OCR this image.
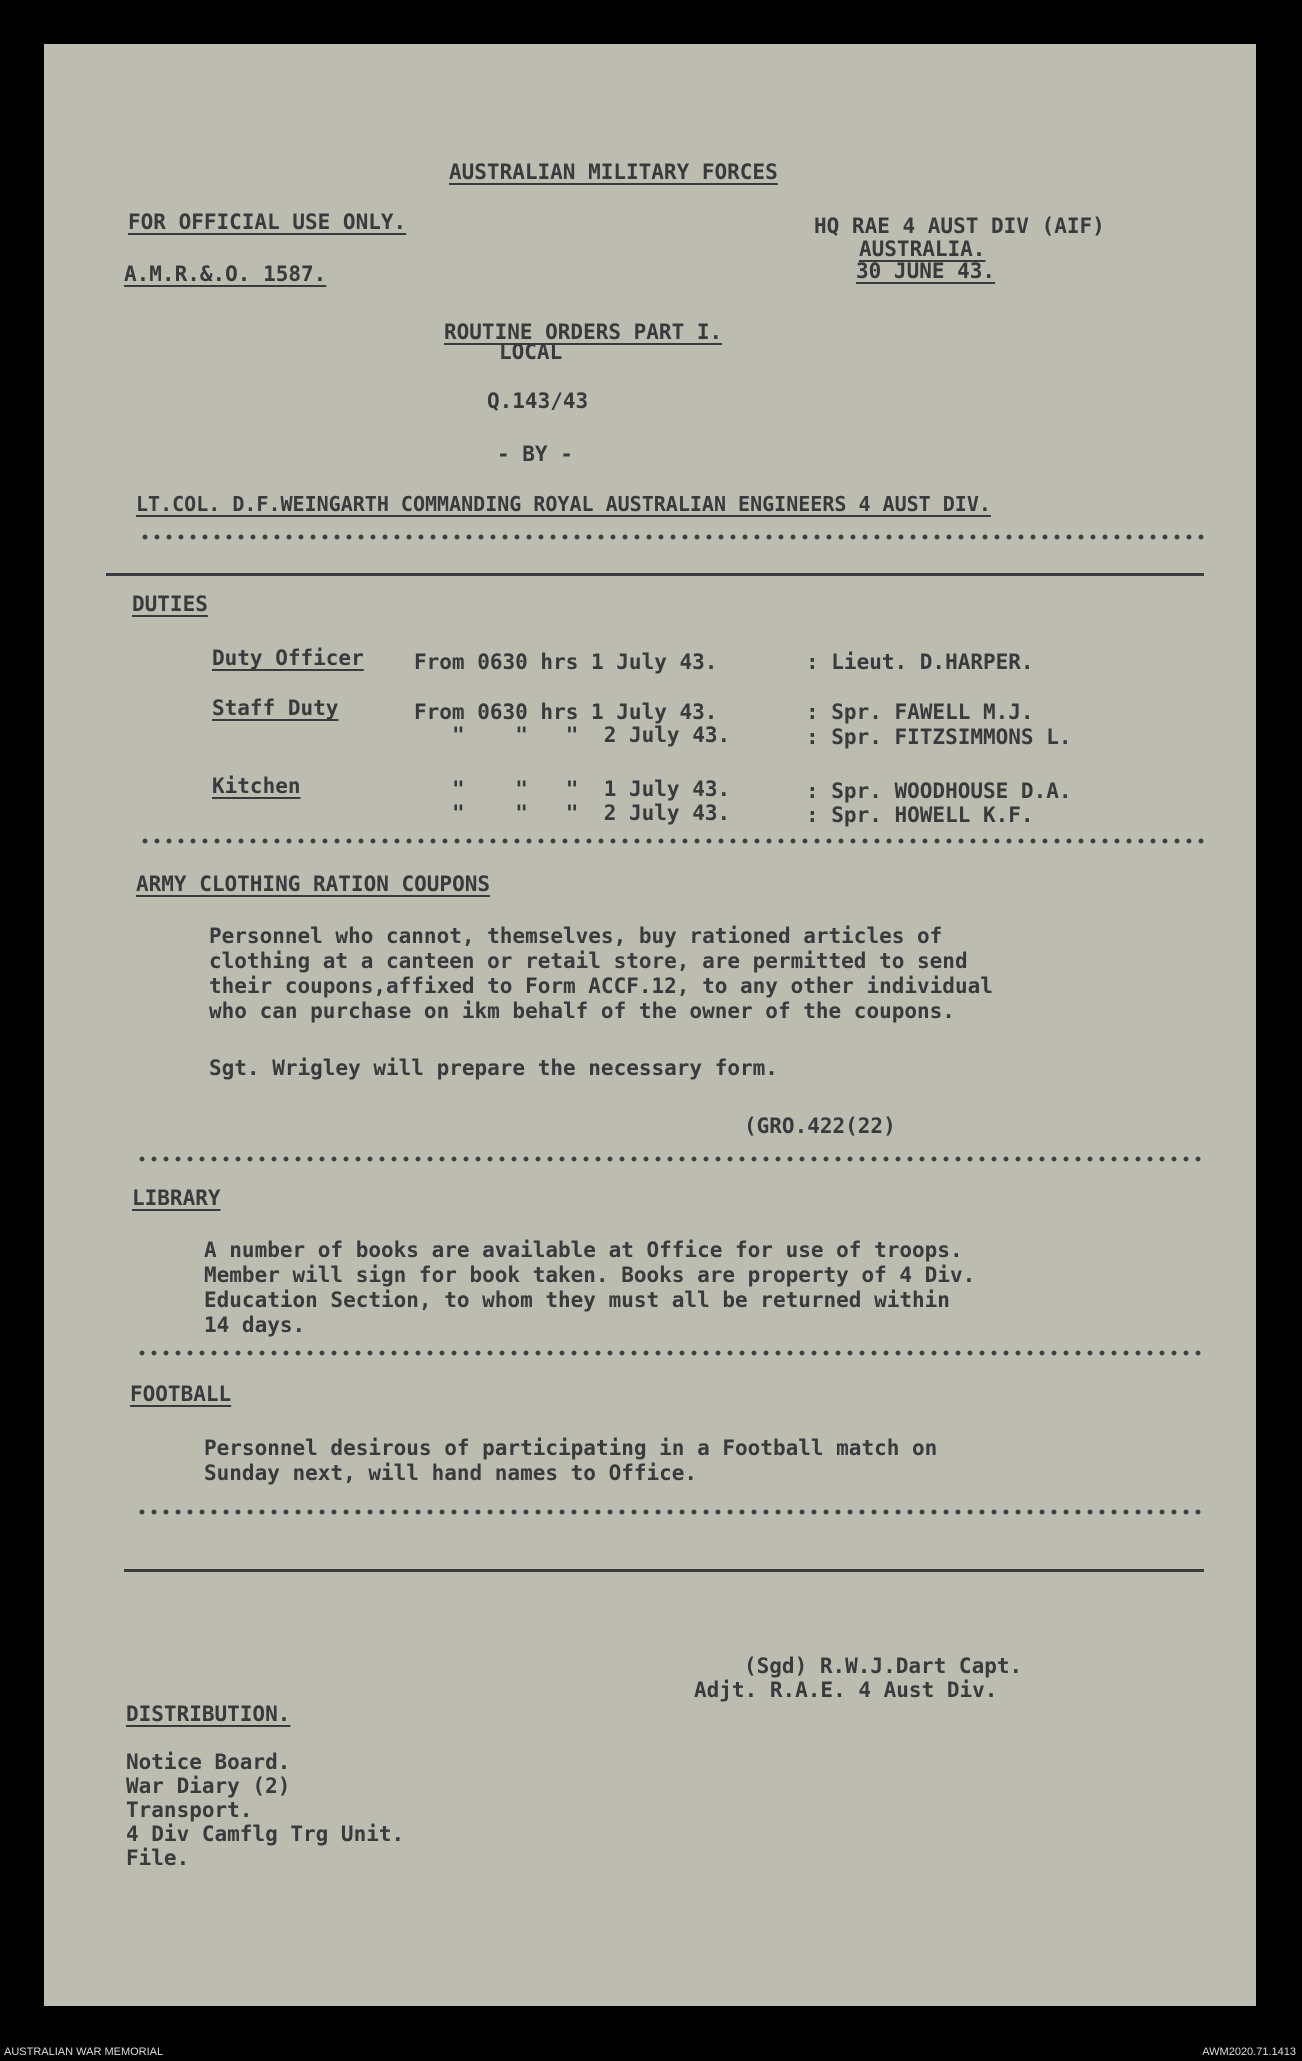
AUSTRALIAN MILITARY FORCES
FOR OFFICIAL USE ONLY.	HQ RAE 4 AUST DIV (AIF)
AUSTRALIA.
A.M.R.&.O. 1587.	30 JUNE 43.
ROUTINE ORDERS PART I.
LOCAL
Q.143/43
- BY -
LT.COL. D.F.WEINGARTH COMMANDING ROYAL AUSTRALIAN ENGINEERS 4 AUST DIV.
DUTIES
Duty Officer From 0630 hrs 1 July 43.	: Lieut. D.HARPER.
Staff Duty	From 0630 hrs 1 July 43.	: Spr. FAWELL M.J.
"    "   "  2 July 43.	: Spr. FITZSIMMONS L.
Kitchen	"    "   "  1 July 43.	: Spr. WOODHOUSE D.A.
"    "   "  2 July 43.	: Spr. HOWELL K.F.
ARMY CLOTHING RATION COUPONS

Personnel who cannot, themselves, buy rationed articles of
clothing at a canteen or retail store, are permitted to send
their coupons,affixed to Form ACCF.12, to any other individual
who can purchase on ikm behalf of the owner of the coupons.

Sgt. Wrigley will prepare the necessary form.
(GRO.422(22)
LIBRARY

A number of books are available at Office for use of troops.
Member will sign for book taken. Books are property of 4 Div.
Education Section, to whom they must all be returned within
14 days.

FOOTBALL

Personnel desirous of participating in a Football match on
Sunday next, will hand names to Office.

(Sgd) R.W.J.Dart Capt.
Adjt. R.A.E. 4 Aust Div.
DISTRIBUTION.
Notice Board.
War Diary (2)
Transport.
4 Div Camflg Trg Unit.
File.
AUSTRALIAN WAR MEMORIAL	AWM2020.71.1413
